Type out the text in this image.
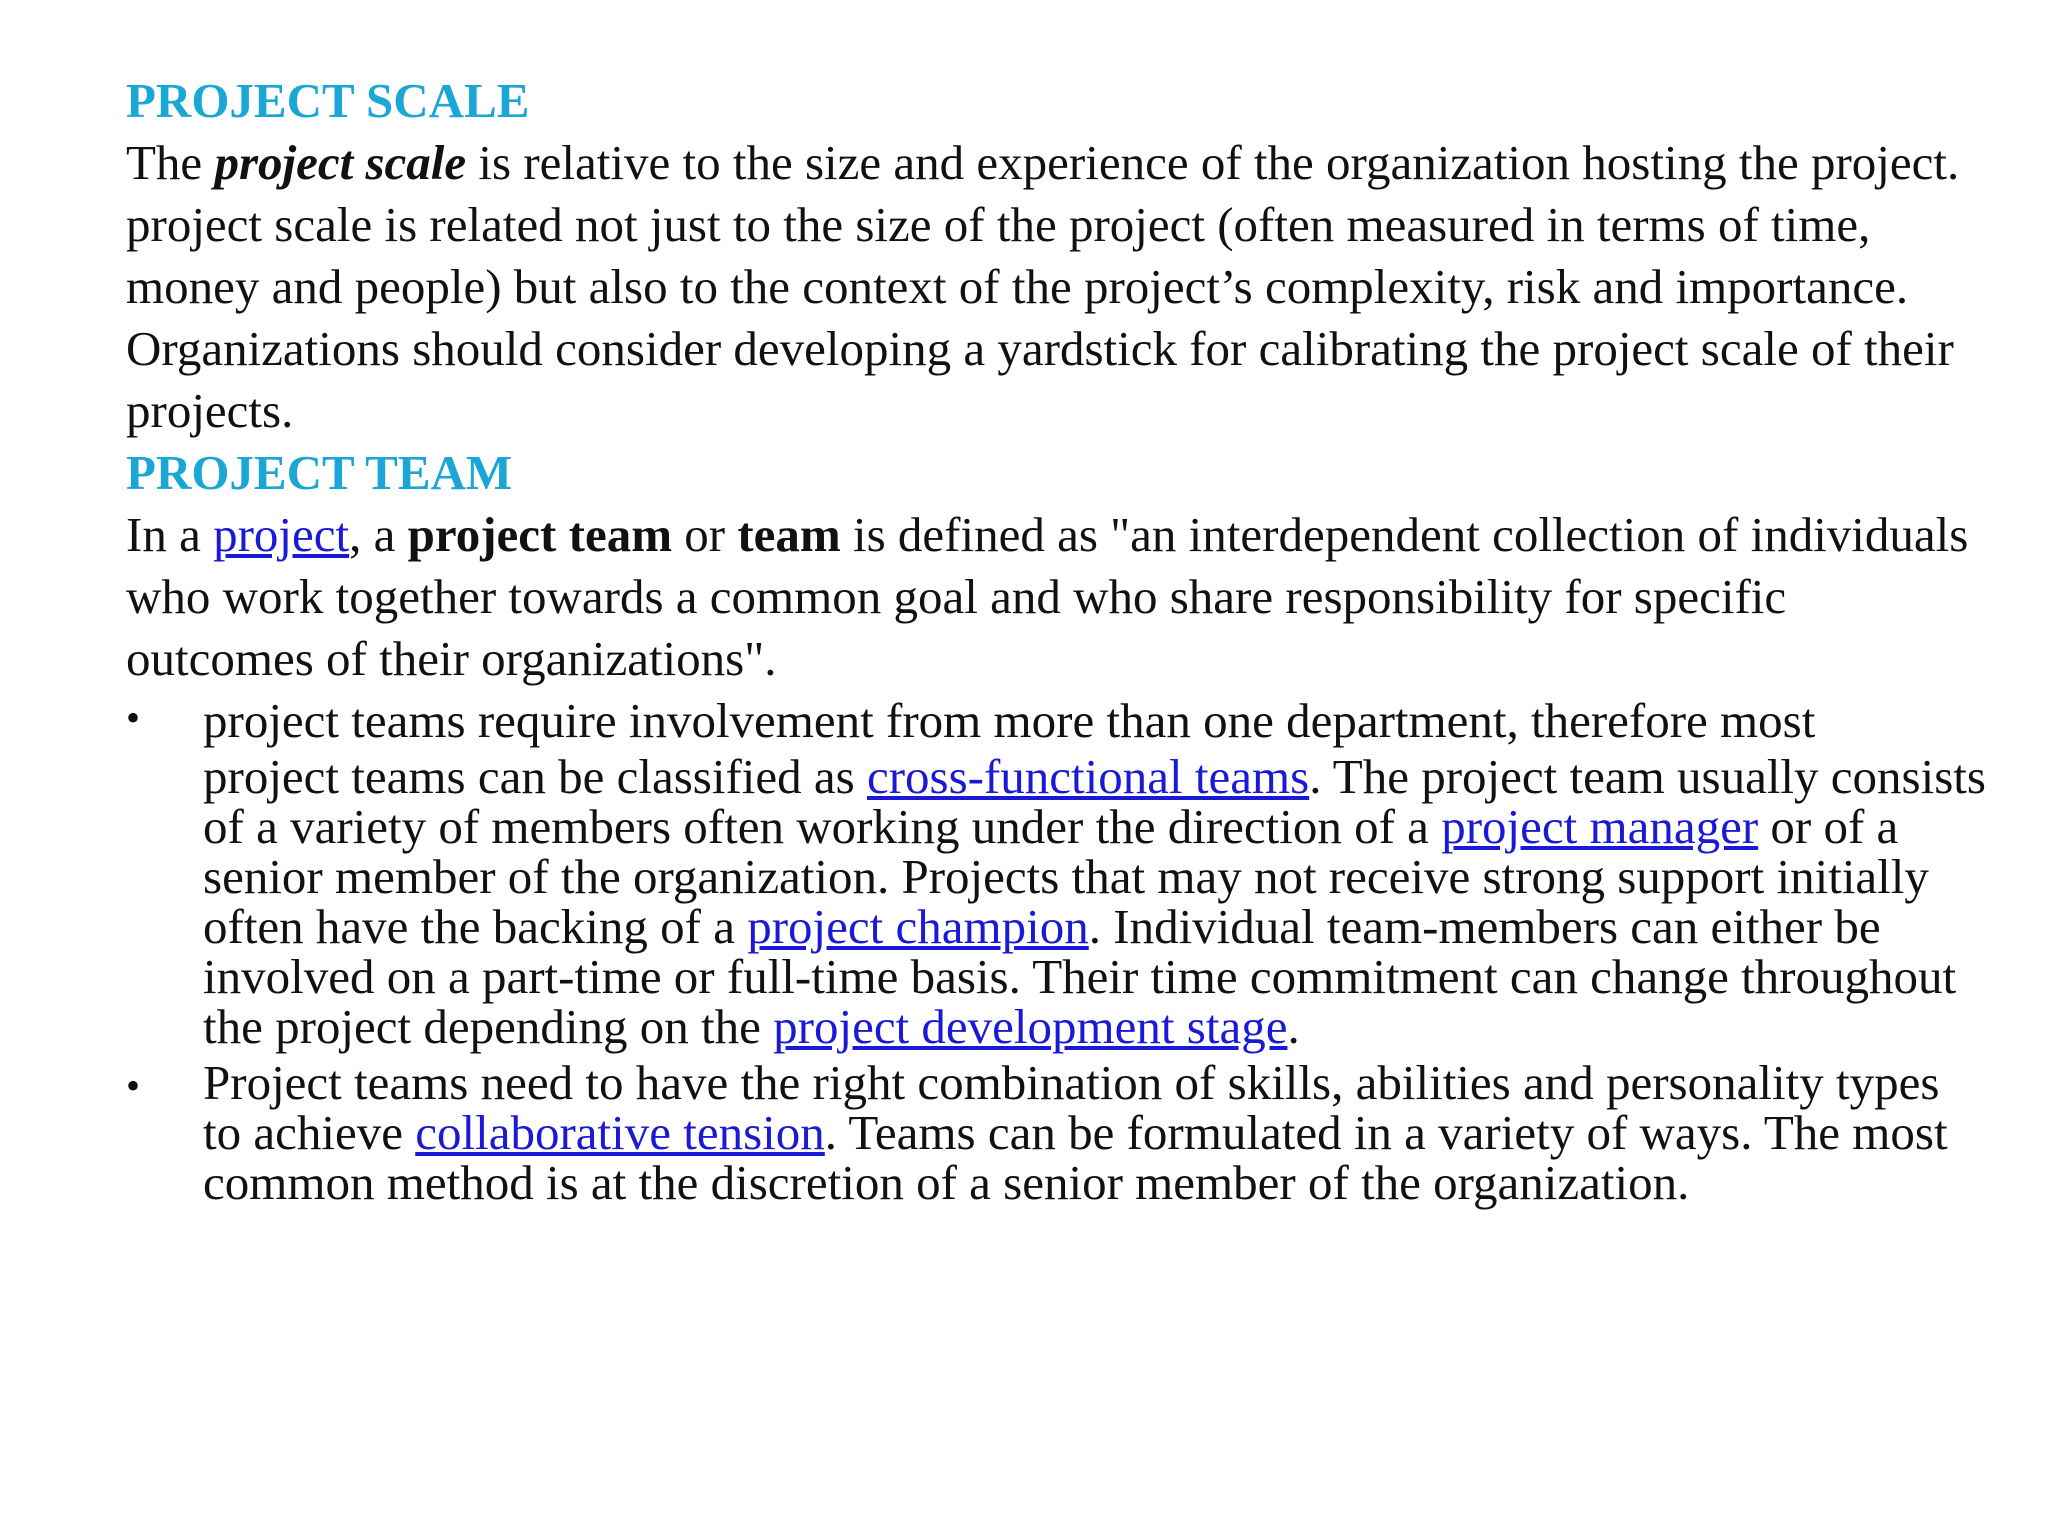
PROJECT SCALE

The project scale is relative to the size and experience of the organization hosting the project.

project scale is related not just to the size of the project (often measured in terms of time, money and people) but also to the context of the project’s complexity, risk and importance.

Organizations should consider developing a yardstick for calibrating the project scale of their projects.

PROJECT TEAM

In a project, a project team or team is defined as "an interdependent collection of individuals who work together towards a common goal and who share responsibility for specific outcomes of their organizations".

•
project teams require involvement from more than one department, therefore most
project teams can be classified as cross-functional teams. The project team usually consists of a variety of members often working under the direction of a project manager or of a senior member of the organization. Projects that may not receive strong support initially often have the backing of a project champion. Individual team-members can either be involved on a part-time or full-time basis. Their time commitment can change throughout the project depending on the project development stage.
•
Project teams need to have the right combination of skills, abilities and personality types to achieve collaborative tension. Teams can be formulated in a variety of ways. The most common method is at the discretion of a senior member of the organization.
